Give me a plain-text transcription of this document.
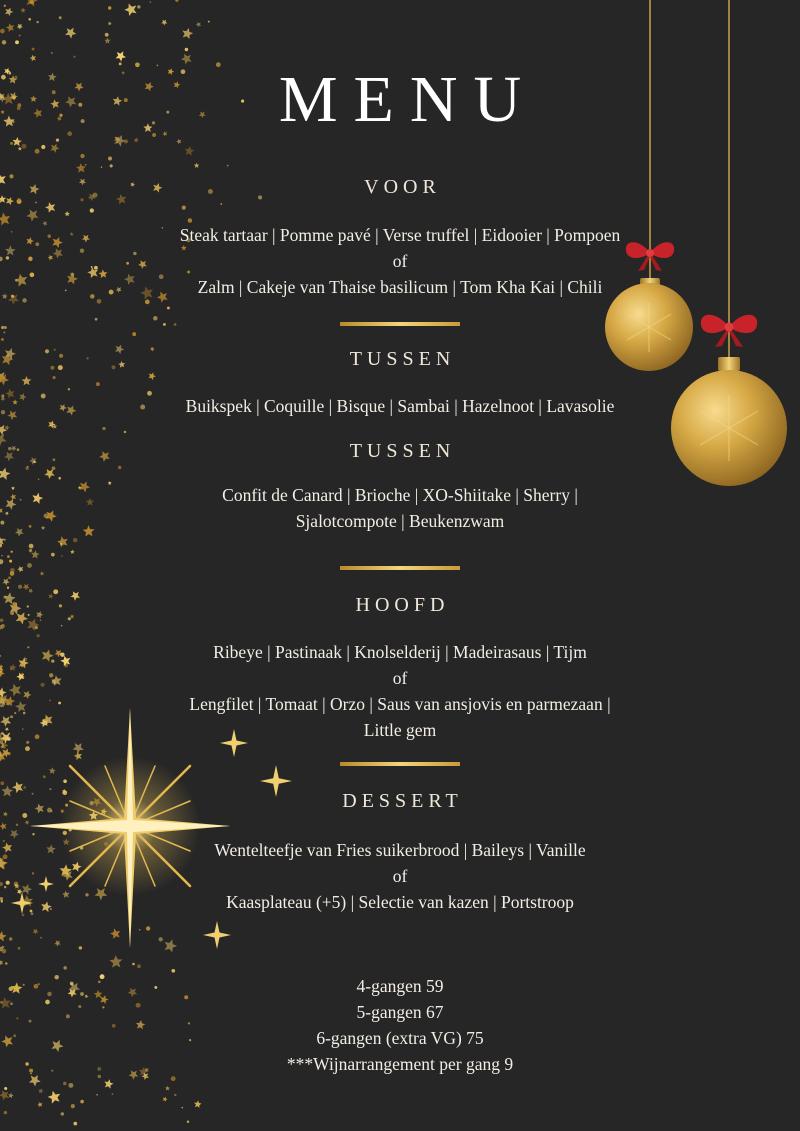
MENU
VOOR
Steak tartaar | Pomme pavé | Verse truffel | Eidooier | Pompoen
of
Zalm | Cakeje van Thaise basilicum | Tom Kha Kai | Chili
TUSSEN
Buikspek | Coquille | Bisque | Sambai | Hazelnoot | Lavasolie
TUSSEN
Confit de Canard | Brioche | XO-Shiitake | Sherry |
Sjalotcompote | Beukenzwam
HOOFD
Ribeye | Pastinaak | Knolselderij | Madeirasaus | Tijm
of
Lengfilet | Tomaat | Orzo | Saus van ansjovis en parmezaan |
Little gem
DESSERT
Wentelteefje van Fries suikerbrood | Baileys | Vanille
of
Kaasplateau (+5) | Selectie van kazen | Portstroop
4-gangen 59
5-gangen 67
6-gangen (extra VG) 75
***Wijnarrangement per gang 9
